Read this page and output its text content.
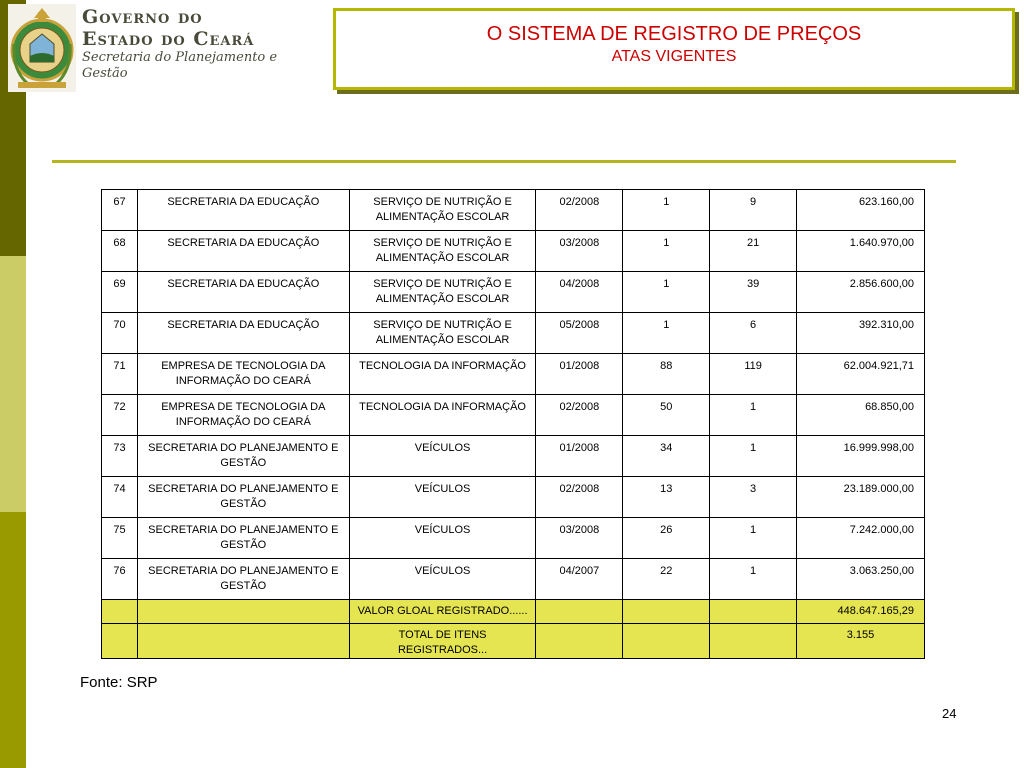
Governo do
Estado do Ceará
Secretaria do Planejamento e
Gestão
O SISTEMA DE REGISTRO DE PREÇOS
ATAS VIGENTES
67	SECRETARIA DA EDUCAÇÃO	SERVIÇO DE NUTRIÇÃO E ALIMENTAÇÃO ESCOLAR	02/2008	1	9	623.160,00
68	SECRETARIA DA EDUCAÇÃO	SERVIÇO DE NUTRIÇÃO E ALIMENTAÇÃO ESCOLAR	03/2008	1	21	1.640.970,00
69	SECRETARIA DA EDUCAÇÃO	SERVIÇO DE NUTRIÇÃO E ALIMENTAÇÃO ESCOLAR	04/2008	1	39	2.856.600,00
70	SECRETARIA DA EDUCAÇÃO	SERVIÇO DE NUTRIÇÃO E ALIMENTAÇÃO ESCOLAR	05/2008	1	6	392.310,00
71	EMPRESA DE TECNOLOGIA DA INFORMAÇÃO DO CEARÁ	TECNOLOGIA DA INFORMAÇÃO	01/2008	88	119	62.004.921,71
72	EMPRESA DE TECNOLOGIA DA INFORMAÇÃO DO CEARÁ	TECNOLOGIA DA INFORMAÇÃO	02/2008	50	1	68.850,00
73	SECRETARIA DO PLANEJAMENTO E GESTÃO	VEÍCULOS	01/2008	34	1	16.999.998,00
74	SECRETARIA DO PLANEJAMENTO E GESTÃO	VEÍCULOS	02/2008	13	3	23.189.000,00
75	SECRETARIA DO PLANEJAMENTO E GESTÃO	VEÍCULOS	03/2008	26	1	7.242.000,00
76	SECRETARIA DO PLANEJAMENTO E GESTÃO	VEÍCULOS	04/2007	22	1	3.063.250,00
		VALOR GLOAL REGISTRADO......				448.647.165,29
		TOTAL DE ITENS REGISTRADOS...				3.155
Fonte: SRP
24
